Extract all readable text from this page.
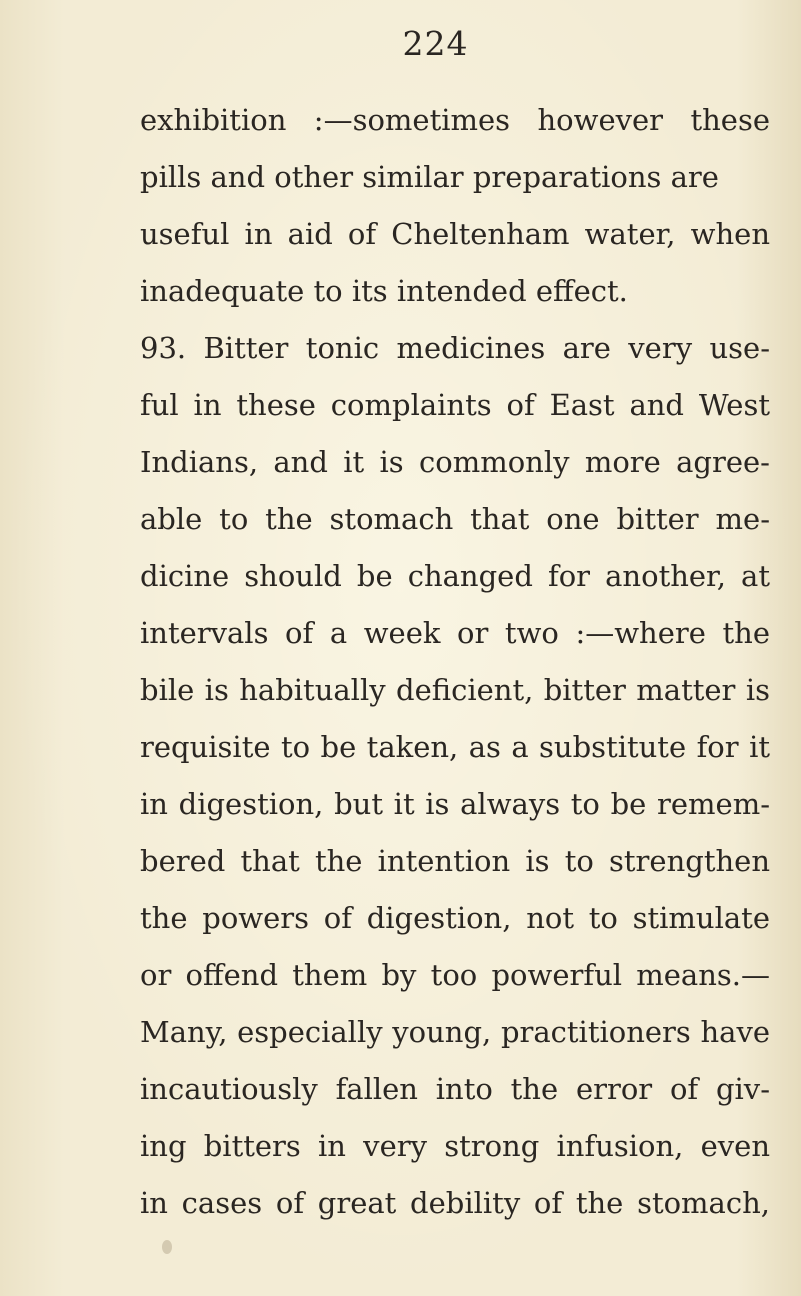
224
exhibition :—sometimes however these
pills and other similar preparations are
useful in aid of Cheltenham water, when
inadequate to its intended effect.
93. Bitter tonic medicines are very use-
ful in these complaints of East and West
Indians, and it is commonly more agree-
able to the stomach that one bitter me-
dicine should be changed for another, at
intervals of a week or two :—where the
bile is habitually deficient, bitter matter is
requisite to be taken, as a substitute for it
in digestion, but it is always to be remem-
bered that the intention is to strengthen
the powers of digestion, not to stimulate
or offend them by too powerful means.—
Many, especially young, practitioners have
incautiously fallen into the error of giv-
ing bitters in very strong infusion, even
in cases of great debility of the stomach,
